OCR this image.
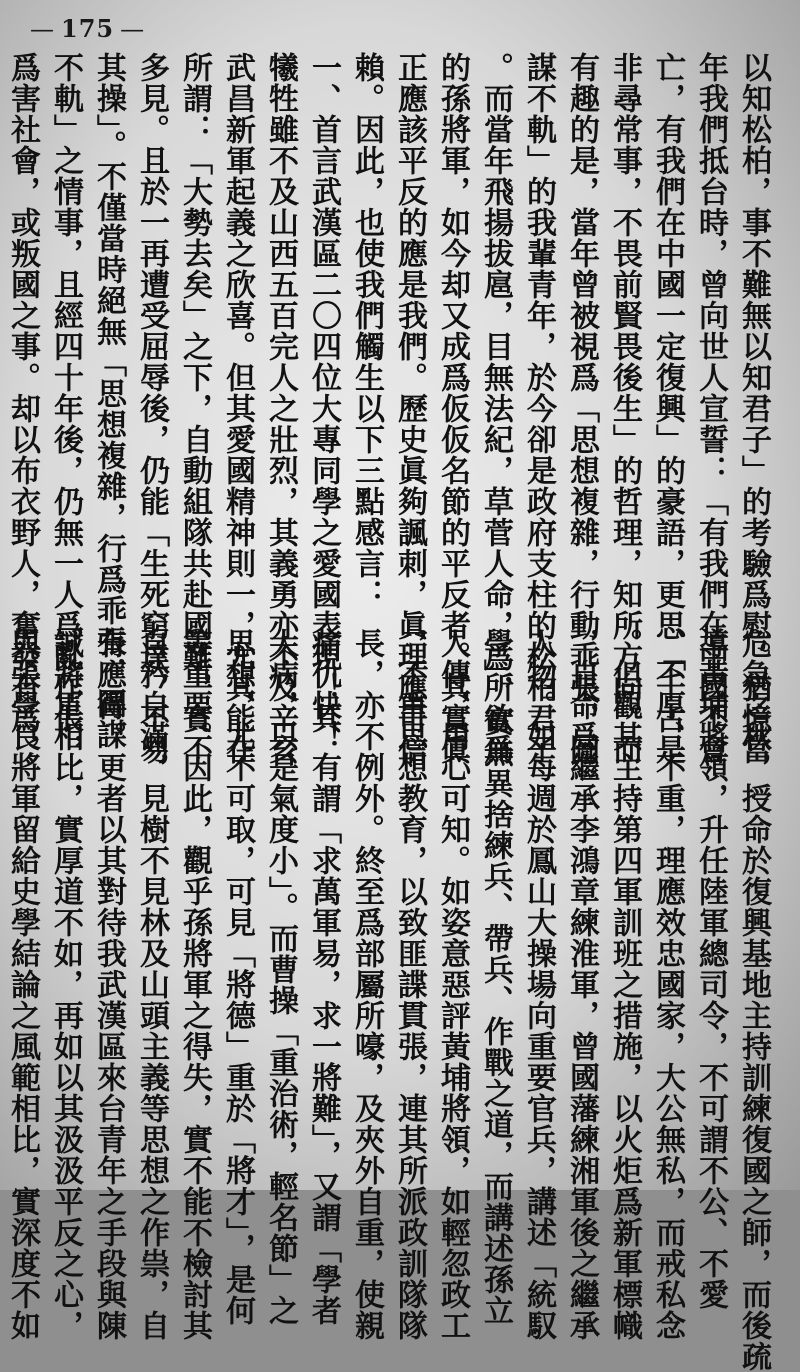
— 175 —
以知松柏，事不難無以知君子」的考驗爲慰。猶憶當
年我們抵台時，曾向世人宣誓：「有我們在中國不會
亡，有我們在中國一定復興」的豪語，更思「千古是
非尋常事，不畏前賢畏後生」的哲理，知所方向。而
有趣的是，當年曾被視爲「思想複雜，行動乖張，圖
謀不軌」的我輩青年，於今卻是政府支柱的松柏君子
。而當年飛揚拔扈，目無法紀，草菅人命，爲所欲爲
的孫將軍，如今却又成爲仮仮名節的平反者。其實眞
正應該平反的應是我們。歷史眞夠諷刺，眞理應可信
賴。因此，也使我們觸生以下三點感言：
一、首言武漢區二〇四位大專同學之愛國表現！其
犧牲雖不及山西五百完人之壯烈，其義勇亦不及辛亥
武昌新軍起義之欣喜。但其愛國精神則一，尤其能在
所謂：「大勢去矣」之下，自動組隊共赴國難，實不
多見。且於一再遭受屈辱後，仍能「生死窮達，不易
其操」。不僅當時絕無「思想複雜，行爲乖張，圖謀
不軌」之情事，且經四十年後，仍無一人爲亂作倀，
爲害社會，或叛國之事。却以布衣野人，奮發有爲，
危急之秋，授命於復興基地主持訓練復國之師，而後疏
導黃埔將領，升任陸軍總司令，不可謂不公、不愛
、不厚、不重，理應效忠國家，大公無私，而戒私念
。但觀其主持第四軍訓班之措施，以火炬爲新軍標幟
，自命爲繼承李鴻章練淮軍，曾國藩練湘軍後之繼承
人物。如每週於鳳山大操場向重要官兵，講述「統馭
學」，實無異捨練兵、帶兵、作戰之道，而講述孫立
人傳，用心可知。如姿意惡評黃埔將領，如輕忽政工
，不重思想教育，以致匪諜貫張，連其所派政訓隊隊
長，亦不例外。終至爲部屬所嚎，及夾外自重，使親
痛仇快！有謂「求萬軍易，求一將難」，又謂「學者
大病，只是氣度小」。而曹操「重治術，輕名節」之
思想，尤不可取，可見「將德」重於「將才」，是何
等重要。因此，觀乎孫將軍之得失，實不能不檢討其
自矜自滿，見樹不見林及山頭主義等思想之作祟，自
有應得。更者以其對待我武漢區來台青年之手段與陳
誠將軍相比，實厚道不如，再如以其汲汲平反之心，
與張學良將軍留給史學結論之風範相比，實深度不如
